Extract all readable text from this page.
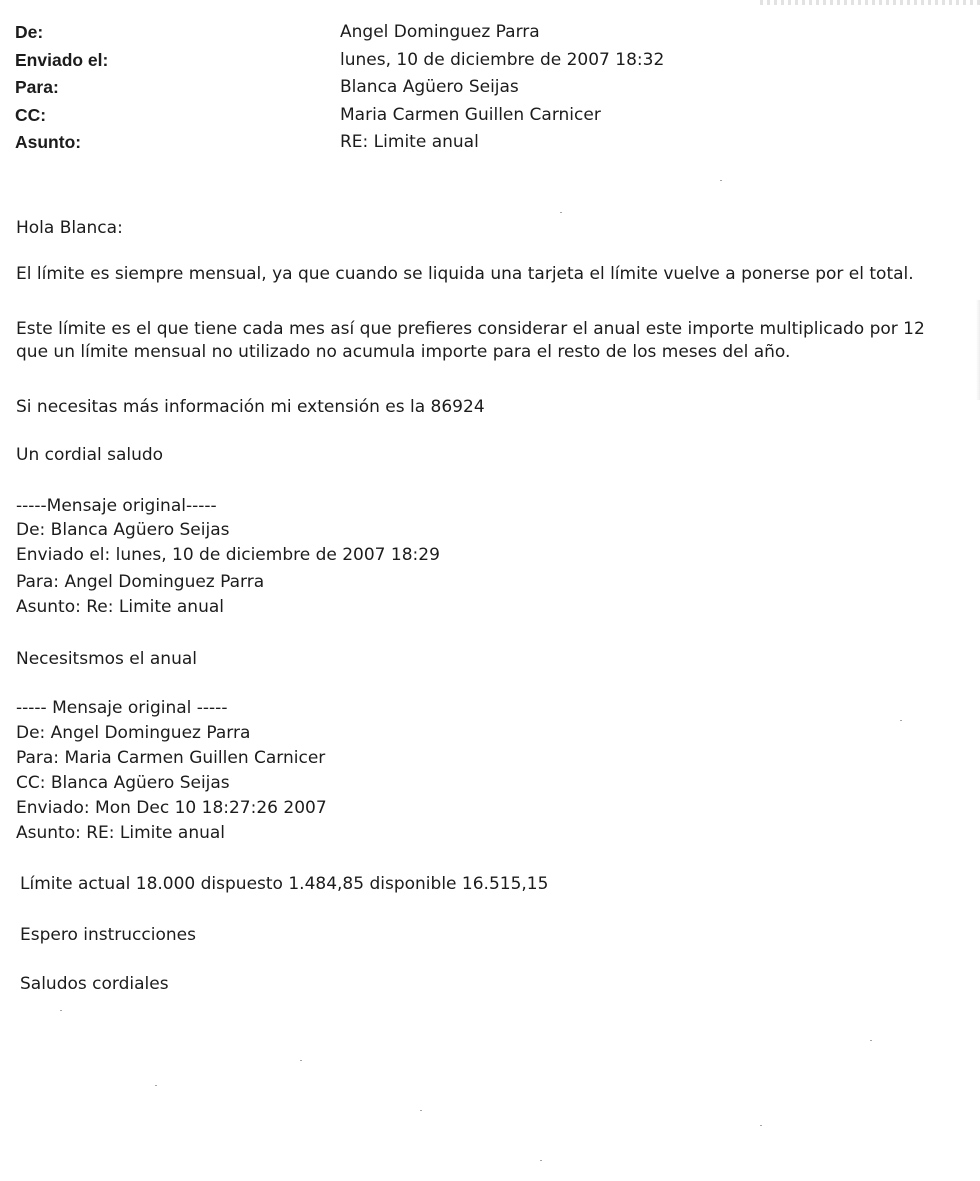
De:	Angel Dominguez Parra
Enviado el:	lunes, 10 de diciembre de 2007 18:32
Para:	Blanca Agüero Seijas
CC:	Maria Carmen Guillen Carnicer
Asunto:	RE: Limite anual
Hola Blanca:
El límite es siempre mensual, ya que cuando se liquida una tarjeta el límite vuelve a ponerse por el total.
Este límite es el que tiene cada mes así que prefieres considerar el anual este importe multiplicado por 12
que un límite mensual no utilizado no acumula importe para el resto de los meses del año.
Si necesitas más información mi extensión es la 86924
Un cordial saludo
-----Mensaje original-----
De: Blanca Agüero Seijas
Enviado el: lunes, 10 de diciembre de 2007 18:29
Para: Angel Dominguez Parra
Asunto: Re: Limite anual
Necesitsmos el anual
----- Mensaje original -----
De: Angel Dominguez Parra
Para: Maria Carmen Guillen Carnicer
CC: Blanca Agüero Seijas
Enviado: Mon Dec 10 18:27:26 2007
Asunto: RE: Limite anual
Límite actual 18.000 dispuesto 1.484,85 disponible 16.515,15
Espero instrucciones
Saludos cordiales
